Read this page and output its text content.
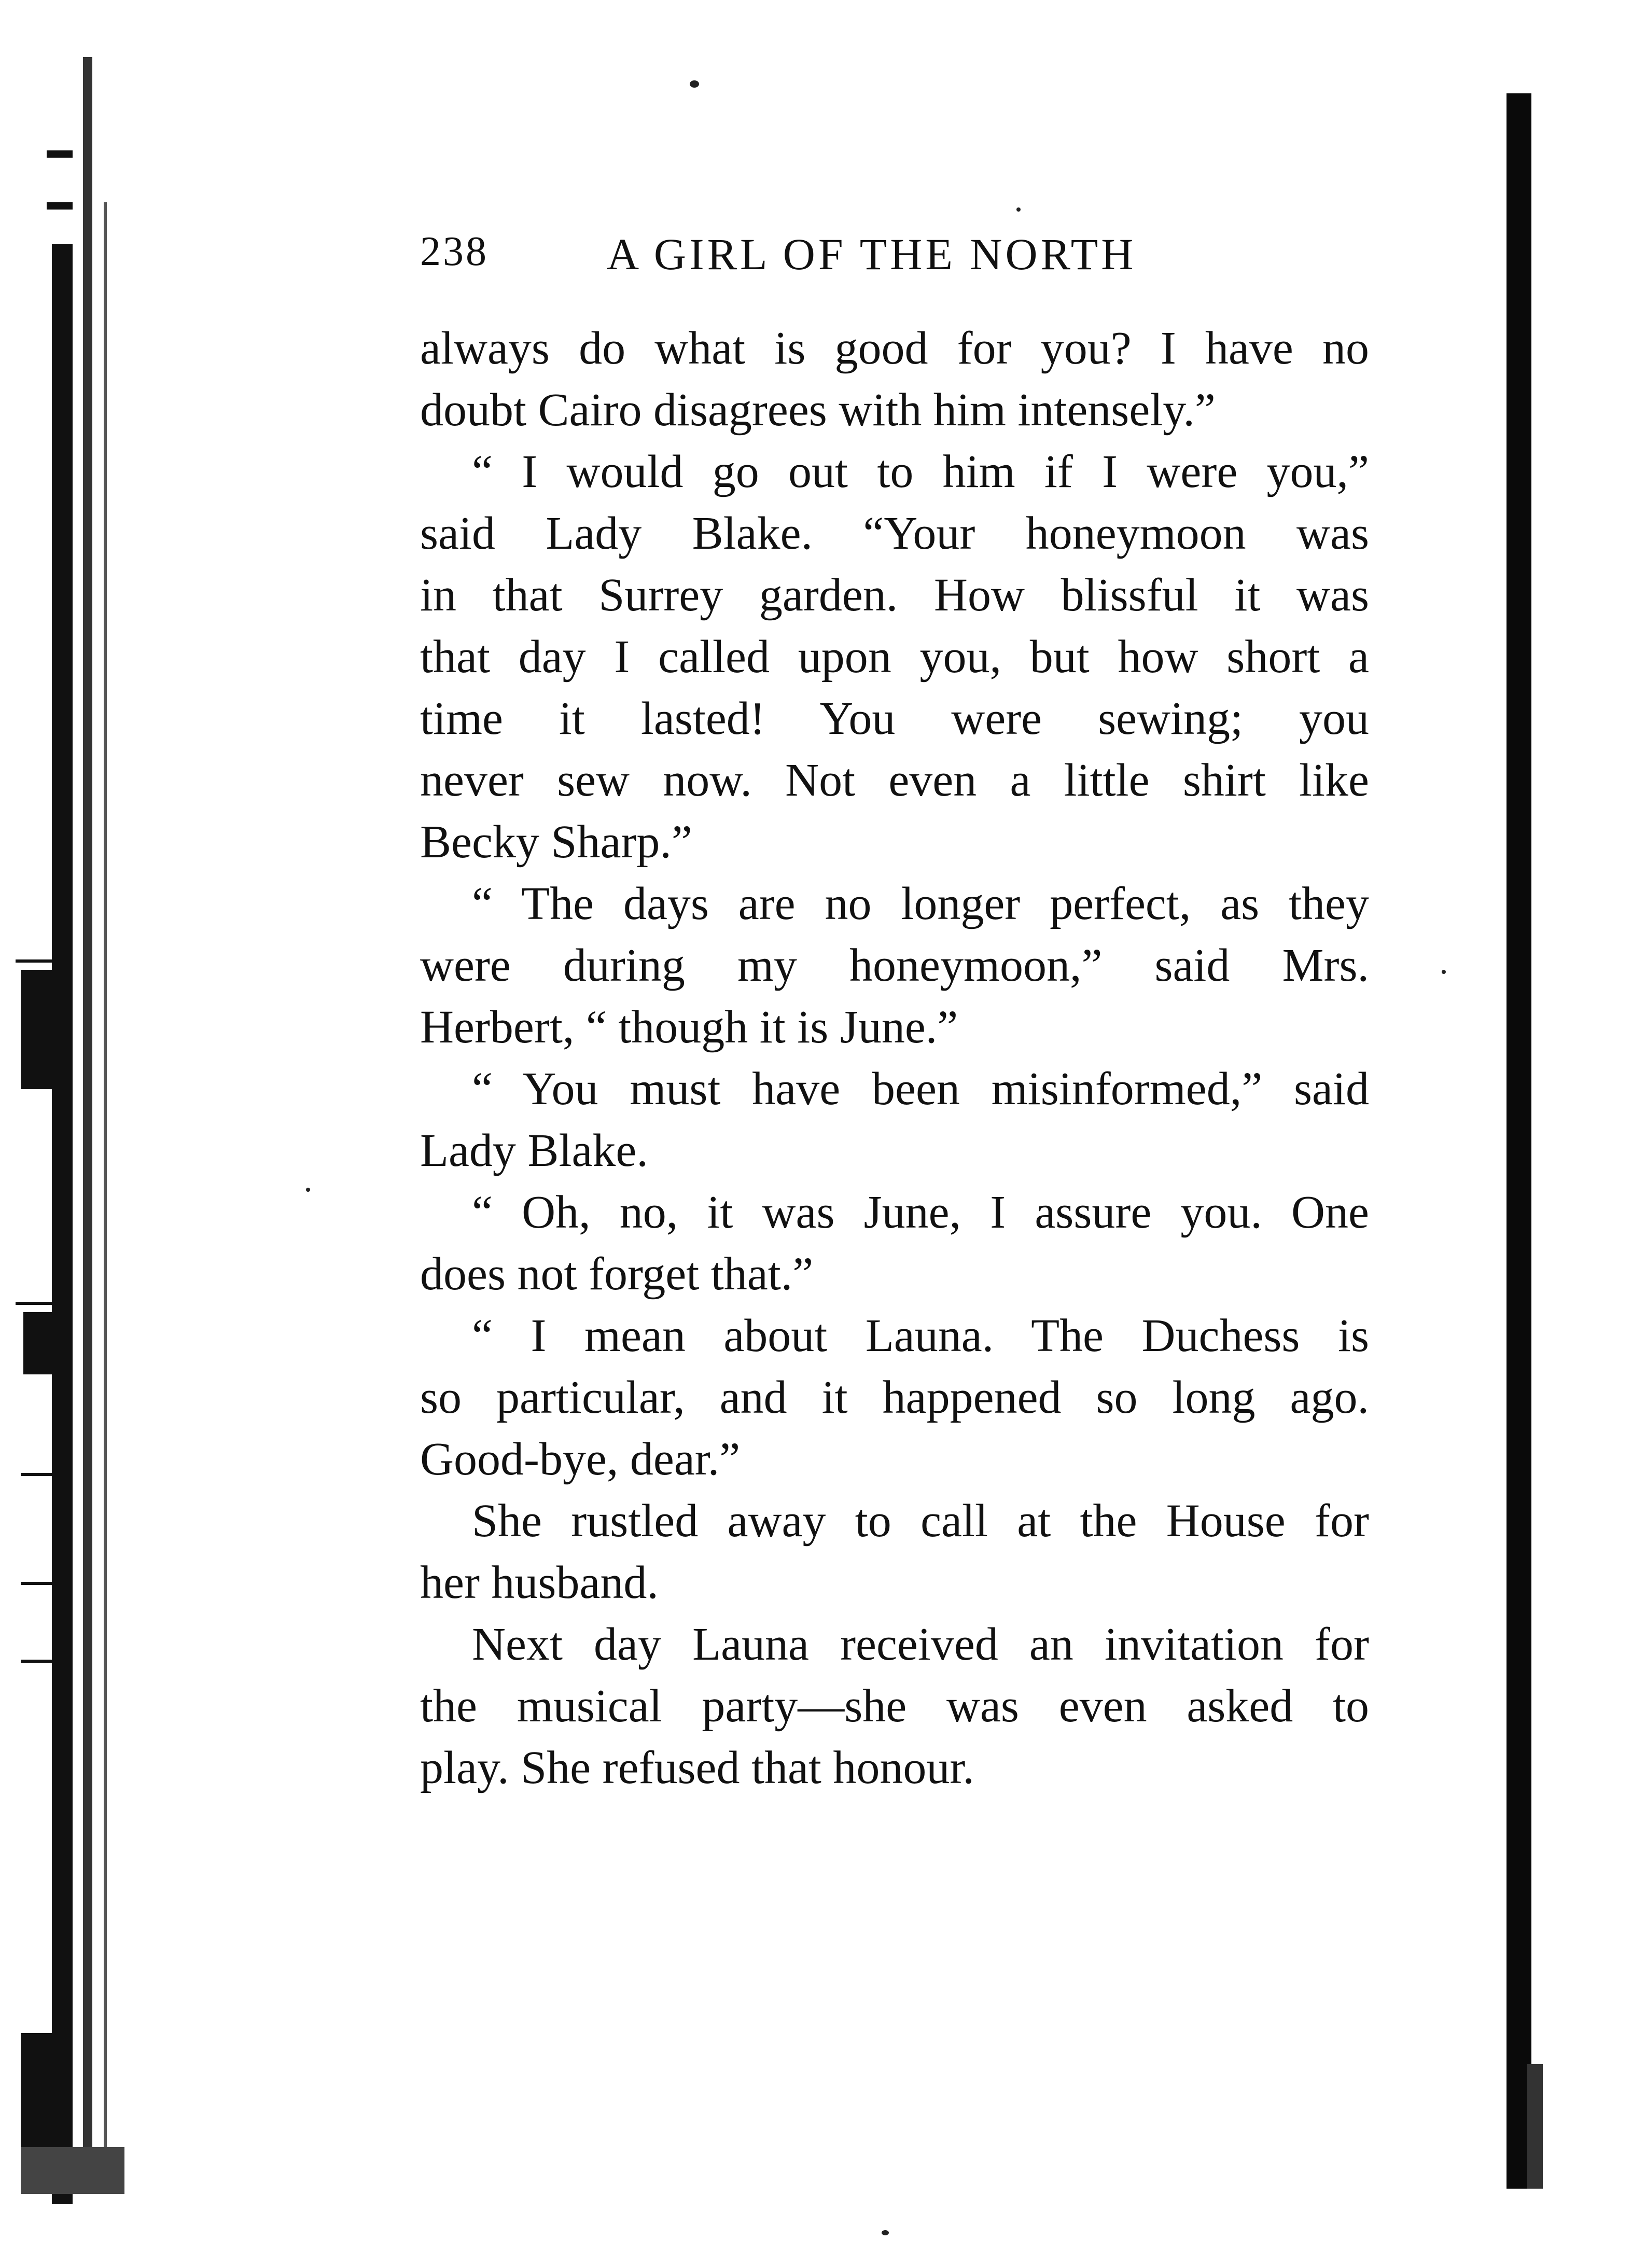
238	A GIRL OF THE NORTH
always do what is good for you? I have no
doubt Cairo disagrees with him intensely.”
“ I would go out to him if I were you,”
said Lady Blake. “Your honeymoon was
in that Surrey garden. How blissful it was
that day I called upon you, but how short a
time it lasted! You were sewing; you
never sew now. Not even a little shirt like
Becky Sharp.”
“ The days are no longer perfect, as they
were during my honeymoon,” said Mrs.
Herbert, “ though it is June.”
“ You must have been misinformed,” said
Lady Blake.
“ Oh, no, it was June, I assure you. One
does not forget that.”
“ I mean about Launa. The Duchess is
so particular, and it happened so long ago.
Good-bye, dear.”
She rustled away to call at the House for
her husband.
Next day Launa received an invitation for
the musical party—she was even asked to
play. She refused that honour.
